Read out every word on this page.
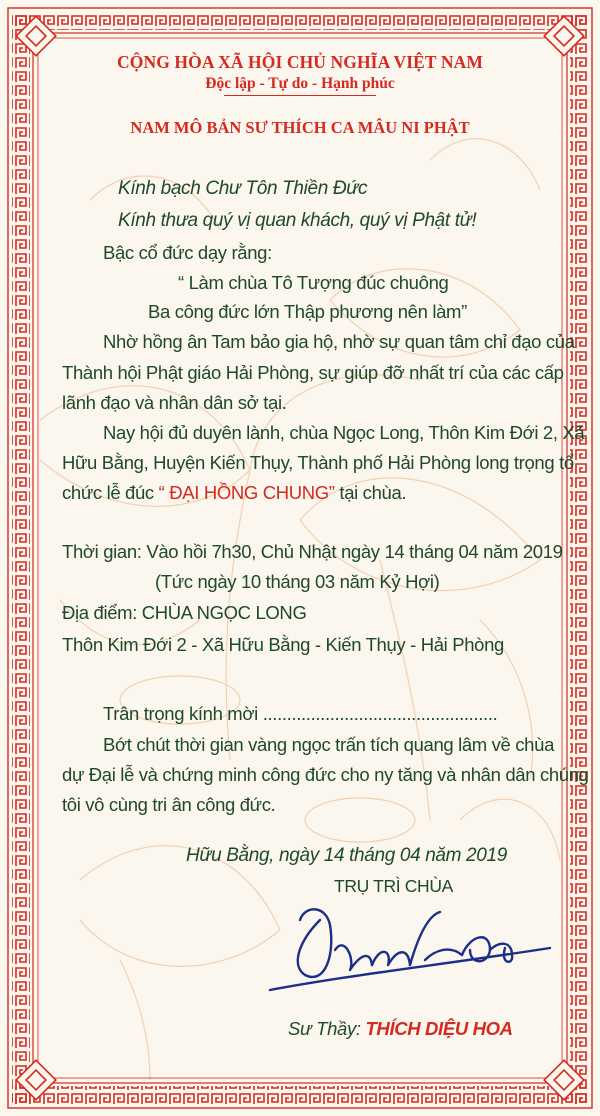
CỘNG HÒA XÃ HỘI CHỦ NGHĨA VIỆT NAM
Độc lập - Tự do - Hạnh phúc
NAM MÔ BẢN SƯ THÍCH CA MÂU NI PHẬT
Kính bạch Chư Tôn Thiền Đức
Kính thưa quý vị quan khách, quý vị Phật tử!
Bậc cổ đức dạy rằng:
“ Làm chùa Tô Tượng đúc chuông
Ba công đức lớn Thập phương nên làm”
Nhờ hồng ân Tam bảo gia hộ, nhờ sự quan tâm chỉ đạo của
Thành hội Phật giáo Hải Phòng, sự giúp đỡ nhất trí của các cấp
lãnh đạo và nhân dân sở tại.
Nay hội đủ duyên lành, chùa Ngọc Long, Thôn Kim Đới 2, Xã
Hữu Bằng, Huyện Kiến Thụy, Thành phố Hải Phòng long trọng tổ
chức lễ đúc “ ĐẠI HỒNG CHUNG” tại chùa.
Thời gian: Vào hồi 7h30, Chủ Nhật ngày 14 tháng 04 năm 2019
(Tức ngày 10 tháng 03 năm Kỷ Hợi)
Địa điểm: CHÙA NGỌC LONG
Thôn Kim Đới 2 - Xã Hữu Bằng - Kiến Thụy - Hải Phòng
Trân trọng kính mời .................................................
Bớt chút thời gian vàng ngọc trấn tích quang lâm về chùa
dự Đại lễ và chứng minh công đức cho ny tăng và nhân dân chúng
tôi vô cùng tri ân công đức.
Hữu Bằng, ngày 14 tháng 04 năm 2019
TRỤ TRÌ CHÙA
Sư Thầy: THÍCH DIỆU HOA
